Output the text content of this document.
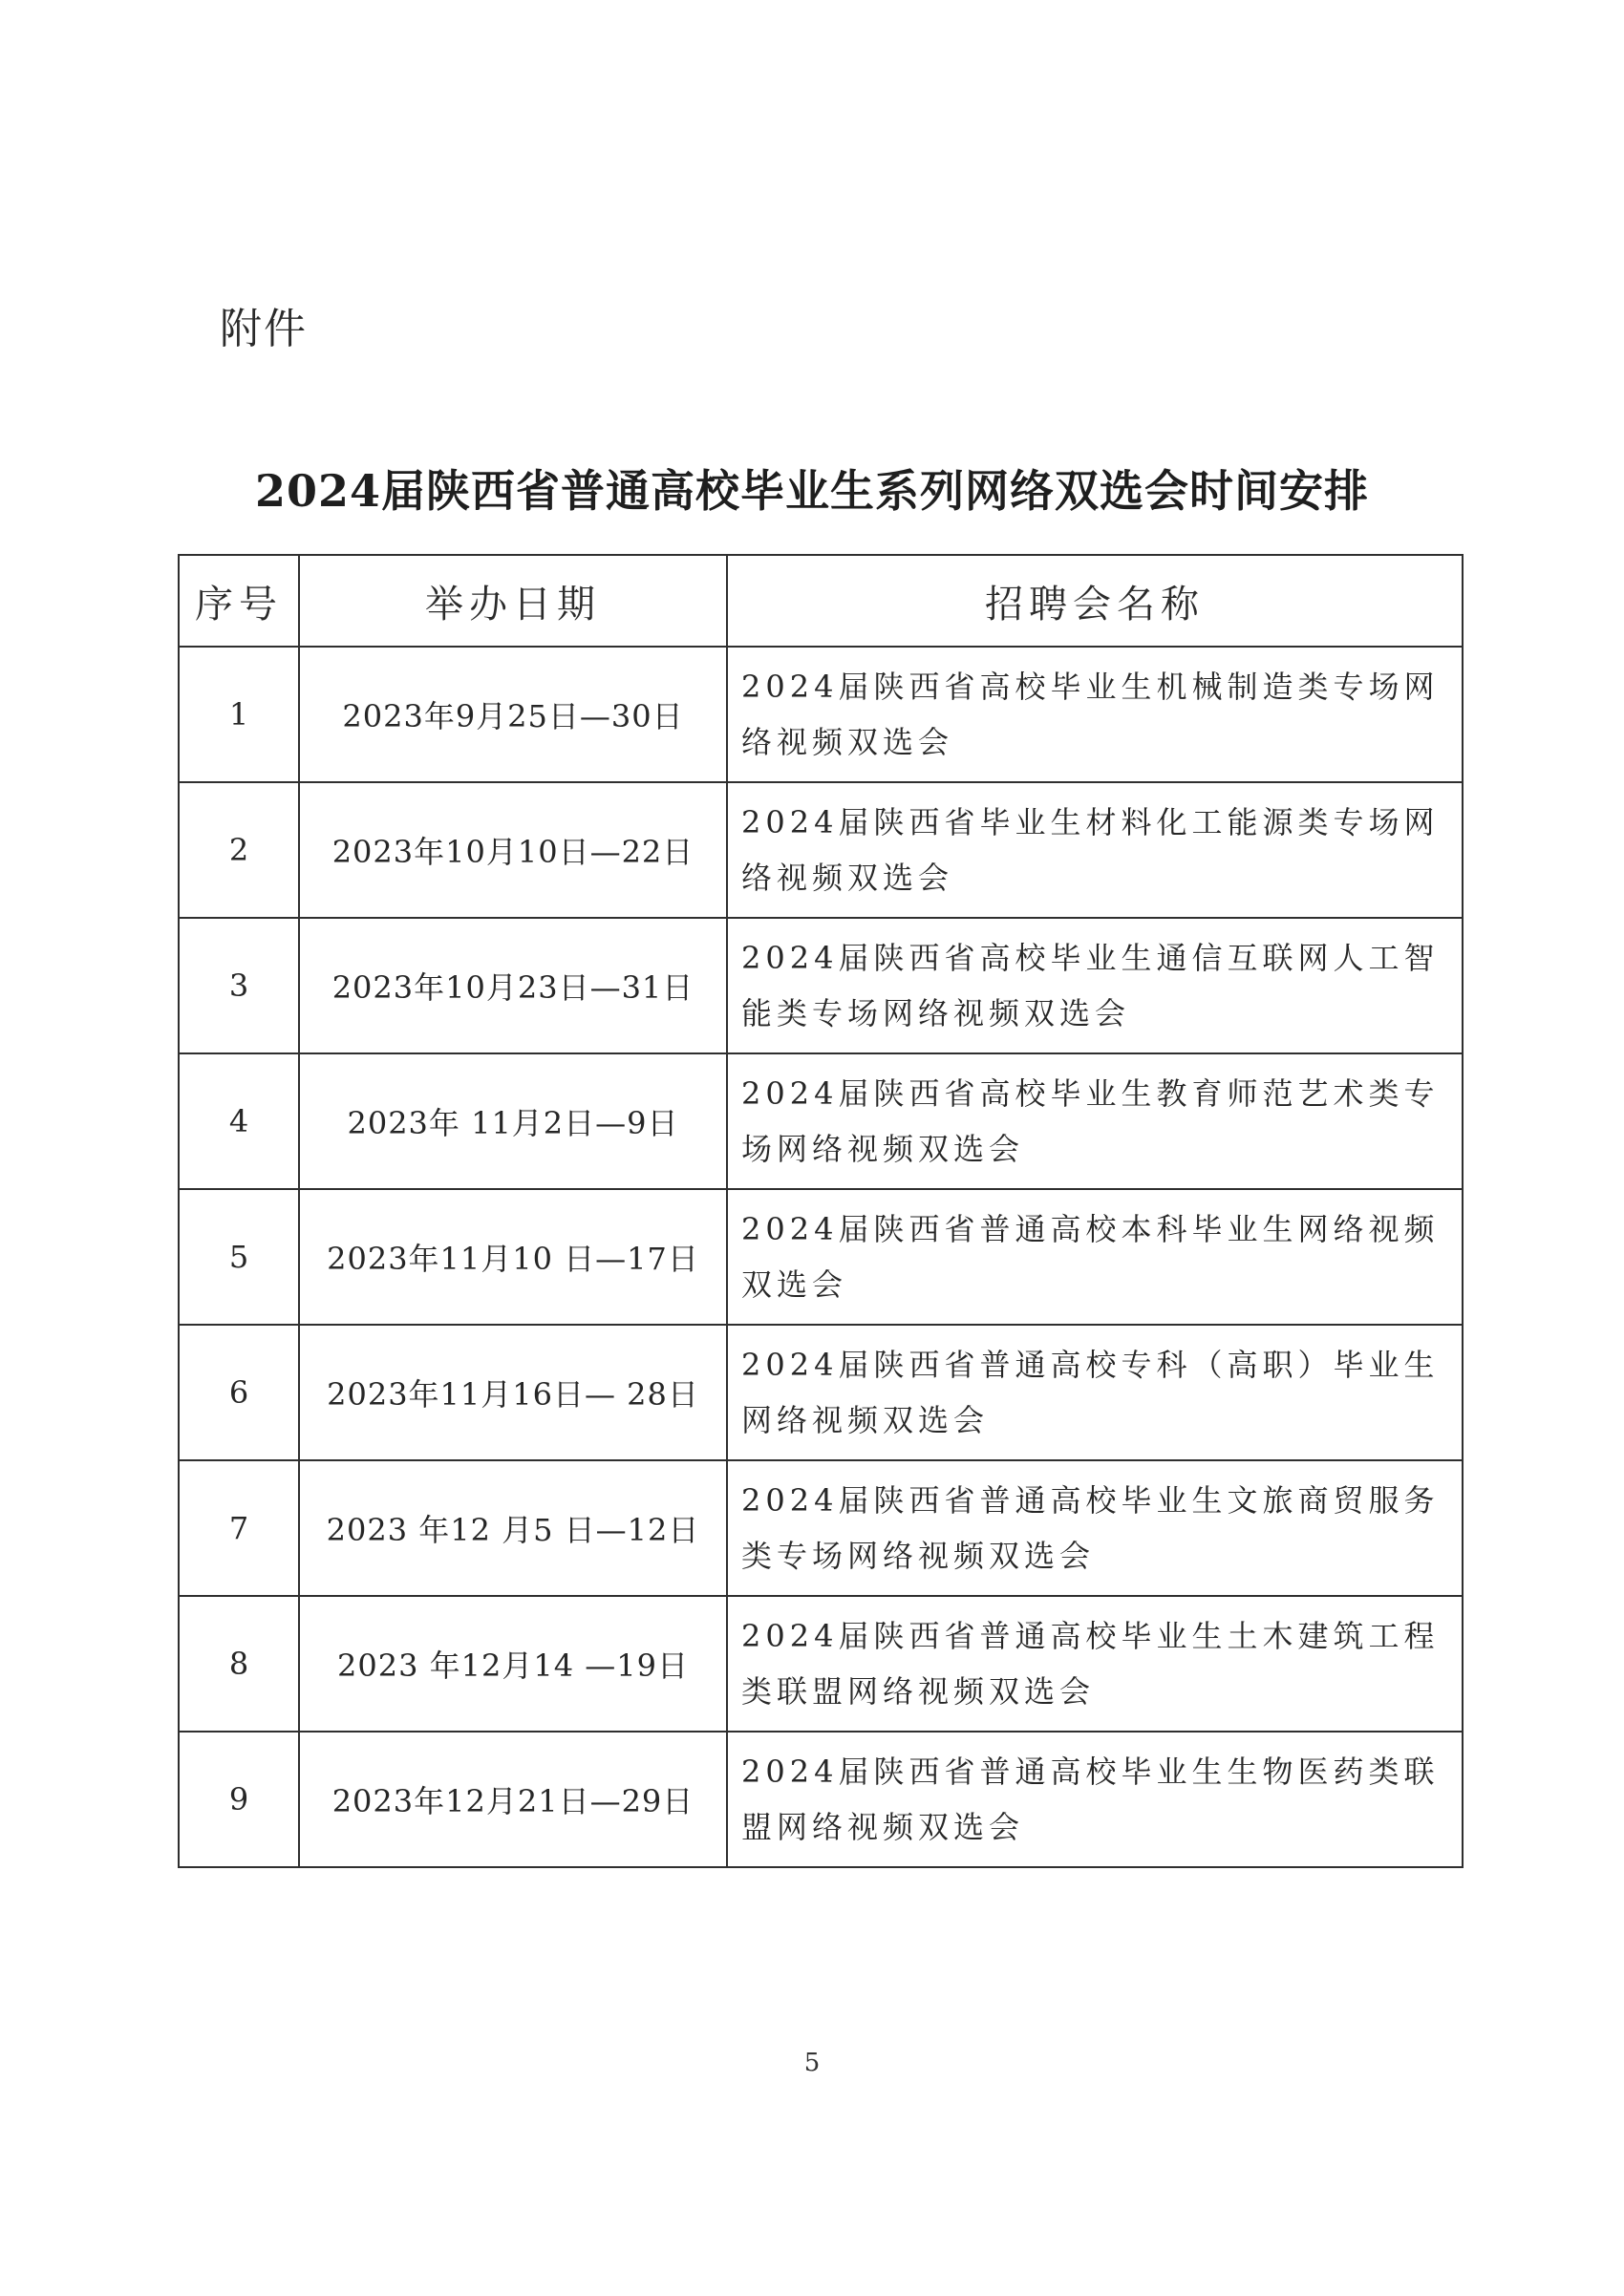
附件
2024届陕西省普通高校毕业生系列网络双选会时间安排
序号	举办日期	招聘会名称
1	2023年9月25日—30日	2024届陕西省高校毕业生机械制造类专场网络视频双选会
2	2023年10月10日—22日	2024届陕西省毕业生材料化工能源类专场网络视频双选会
3	2023年10月23日—31日	2024届陕西省高校毕业生通信互联网人工智能类专场网络视频双选会
4	2023年 11月2日—9日	2024届陕西省高校毕业生教育师范艺术类专场网络视频双选会
5	2023年11月10 日—17日	2024届陕西省普通高校本科毕业生网络视频双选会
6	2023年11月16日— 28日	2024届陕西省普通高校专科（高职）毕业生网络视频双选会
7	2023 年12 月5 日—12日	2024届陕西省普通高校毕业生文旅商贸服务类专场网络视频双选会
8	2023 年12月14 —19日	2024届陕西省普通高校毕业生土木建筑工程类联盟网络视频双选会
9	2023年12月21日—29日	2024届陕西省普通高校毕业生生物医药类联盟网络视频双选会
5
